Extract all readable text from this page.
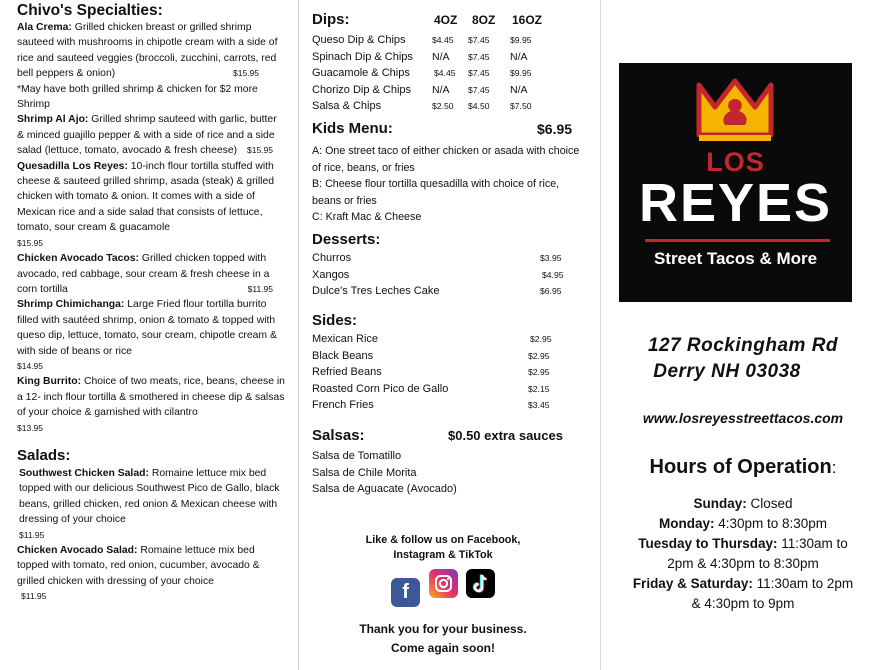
Chivo's Specialties:
Ala Crema: Grilled chicken breast or grilled shrimp sauteed with mushrooms in chipotle cream with a side of rice and sauteed veggies (broccoli, zucchini, carrots, red bell peppers & onion)	$15.95
*May have both grilled shrimp & chicken for $2 more Shrimp
Shrimp Al Ajo: Grilled shrimp sauteed with garlic, butter & minced guajillo pepper & with a side of rice and a side salad (lettuce, tomato, avocado & fresh cheese) $15.95
Quesadilla Los Reyes: 10-inch flour tortilla stuffed with cheese & sauteed grilled shrimp, asada (steak) & grilled chicken with tomato & onion. It comes with a side of Mexican rice and a side salad that consists of lettuce, tomato, sour cream & guacamole
$15.95
Chicken Avocado Tacos: Grilled chicken topped with avocado, red cabbage, sour cream & fresh cheese in a corn tortilla	$11.95
Shrimp Chimichanga: Large Fried flour tortilla burrito filled with sautéed shrimp, onion & tomato & topped with queso dip, lettuce, tomato, sour cream, chipotle cream & with side of beans or rice
$14.95
King Burrito: Choice of two meats, rice, beans, cheese in a 12- inch flour tortilla & smothered in cheese dip & salsas of your choice & garnished with cilantro
$13.95
Salads:
Southwest Chicken Salad: Romaine lettuce mix bed topped with our delicious Southwest Pico de Gallo, black beans, grilled chicken, red onion & Mexican cheese with dressing of your choice
$11.95
Chicken Avocado Salad: Romaine lettuce mix bed topped with tomato, red onion, cucumber, avocado & grilled chicken with dressing of your choice
$11.95
Dips:	4OZ 8OZ 16OZ
Queso Dip & Chips	$4.45 $7.45 $9.95
Spinach Dip & Chips N/A $7.45 N/A
Guacamole & Chips	$4.45 $7.45 $9.95
Chorizo Dip & Chips N/A $7.45 N/A
Salsa & Chips	$2.50 $4.50 $7.50
Kids Menu:	$6.95
A: One street taco of either chicken or asada with choice of rice, beans, or fries
B: Cheese flour tortilla quesadilla with choice of rice, beans or fries
C: Kraft Mac & Cheese
Desserts:
Churros	$3.95
Xangos	$4.95
Dulce's Tres Leches Cake	$6.95
Sides:
Mexican Rice	$2.95
Black Beans	$2.95
Refried Beans	$2.95
Roasted Corn Pico de Gallo	$2.15
French Fries	$3.45
Salsas:	$0.50 extra sauces
Salsa de Tomatillo
Salsa de Chile Morita
Salsa de Aguacate (Avocado)
Like & follow us on Facebook, Instagram & TikTok
f
Thank you for your business.
Come again soon!
LOS
REYES
Street Tacos & More
127 Rockingham Rd
Derry NH 03038
www.losreyesstreettacos.com
Hours of Operation:
Sunday: Closed
Monday: 4:30pm to 8:30pm
Tuesday to Thursday: 11:30am to 2pm & 4:30pm to 8:30pm
Friday & Saturday: 11:30am to 2pm & 4:30pm to 9pm
